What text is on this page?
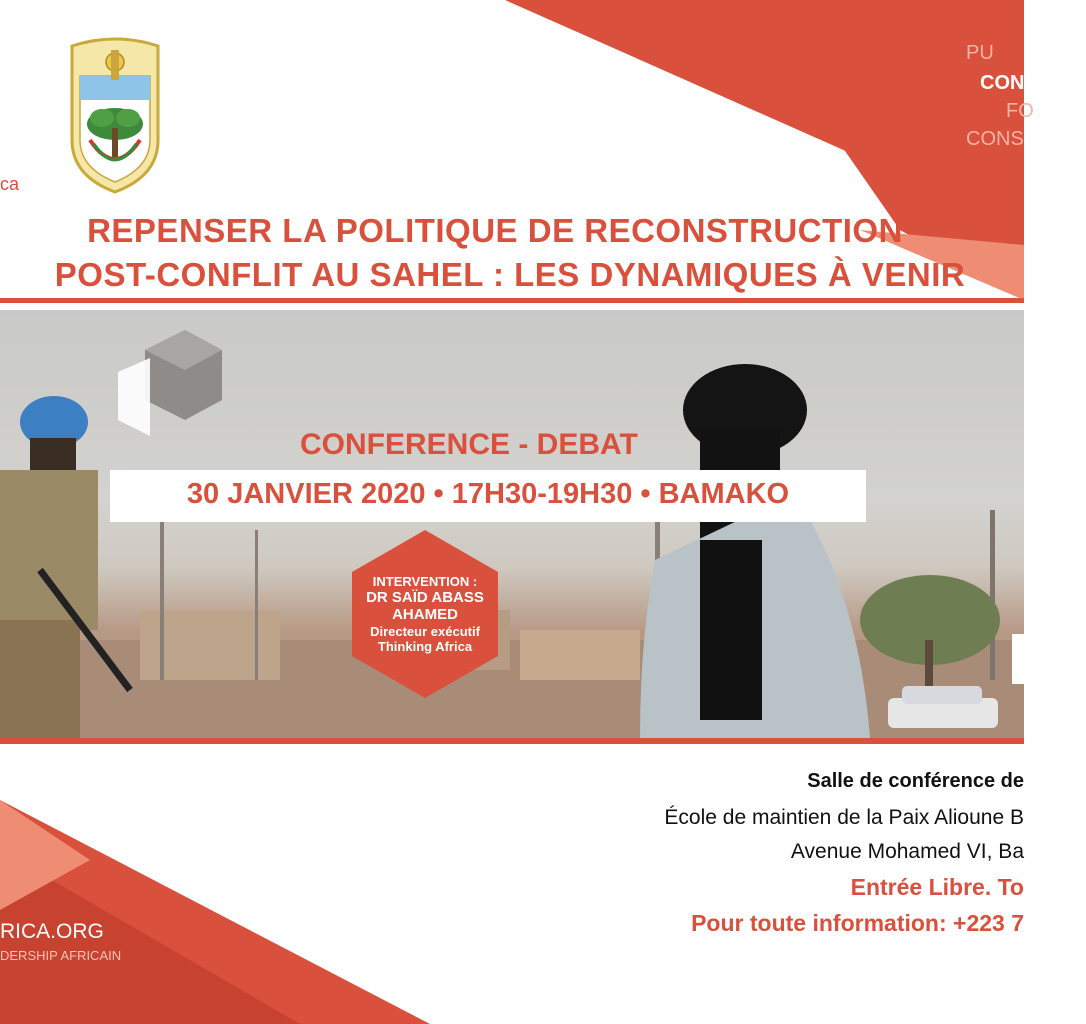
PU
CON
FO
CONS
ca
REPENSER LA POLITIQUE DE RECONSTRUCTION
POST-CONFLIT AU SAHEL : LES DYNAMIQUES À VENIR
CONFERENCE - DEBAT
30 JANVIER 2020 • 17H30-19H30 • BAMAKO
INTERVENTION :
DR SAÏD ABASS
AHAMED
Directeur exécutif
Thinking Africa
RICA.ORG
DERSHIP AFRICAIN
Salle de conférence de
École de maintien de la Paix Alioune B
Avenue Mohamed VI, Ba
Entrée Libre. To
Pour toute information: +223 7
